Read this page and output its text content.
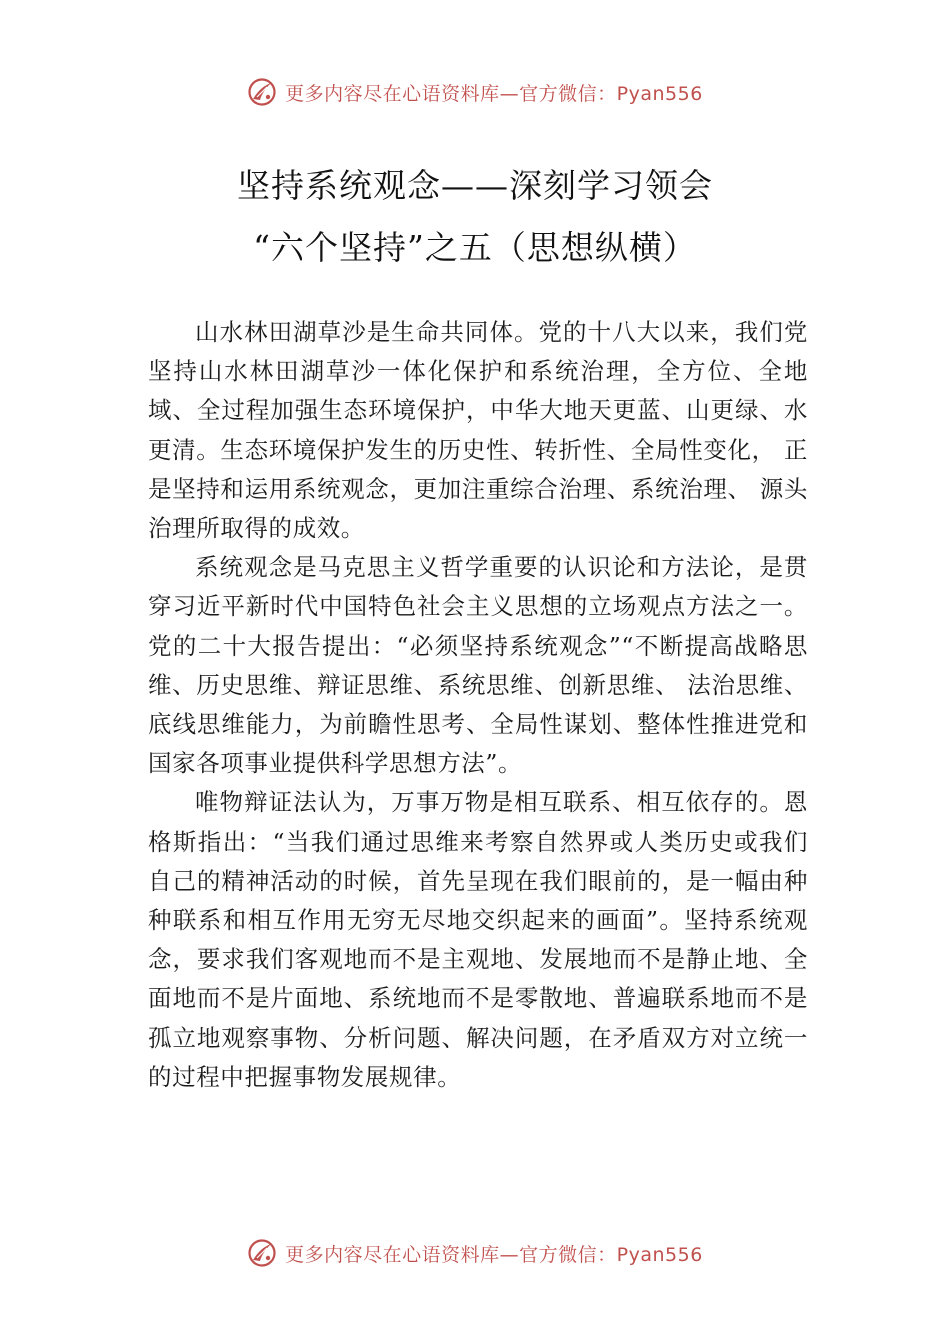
更多内容尽在心语资料库—官方微信：Pyan556
坚持系统观念——深刻学习领会
“六个坚持”之五（思想纵横）

山水林田湖草沙是生命共同体。党的十八大以来，我们党坚持山水林田湖草沙一体化保护和系统治理，全方位、全地域、全过程加强生态环境保护，中华大地天更蓝、山更绿、水更清。生态环境保护发生的历史性、转折性、全局性变化， 正是坚持和运用系统观念，更加注重综合治理、系统治理、 源头治理所取得的成效。

系统观念是马克思主义哲学重要的认识论和方法论，是贯穿习近平新时代中国特色社会主义思想的立场观点方法之一。党的二十大报告提出：“必须坚持系统观念”“不断提高战略思维、历史思维、辩证思维、系统思维、创新思维、 法治思维、底线思维能力，为前瞻性思考、全局性谋划、整体性推进党和国家各项事业提供科学思想方法”。

唯物辩证法认为，万事万物是相互联系、相互依存的。恩格斯指出：“当我们通过思维来考察自然界或人类历史或我们自己的精神活动的时候，首先呈现在我们眼前的，是一幅由种种联系和相互作用无穷无尽地交织起来的画面”。坚持系统观念，要求我们客观地而不是主观地、发展地而不是静止地、全面地而不是片面地、系统地而不是零散地、普遍联系地而不是孤立地观察事物、分析问题、解决问题，在矛盾双方对立统一的过程中把握事物发展规律。

更多内容尽在心语资料库—官方微信：Pyan556
